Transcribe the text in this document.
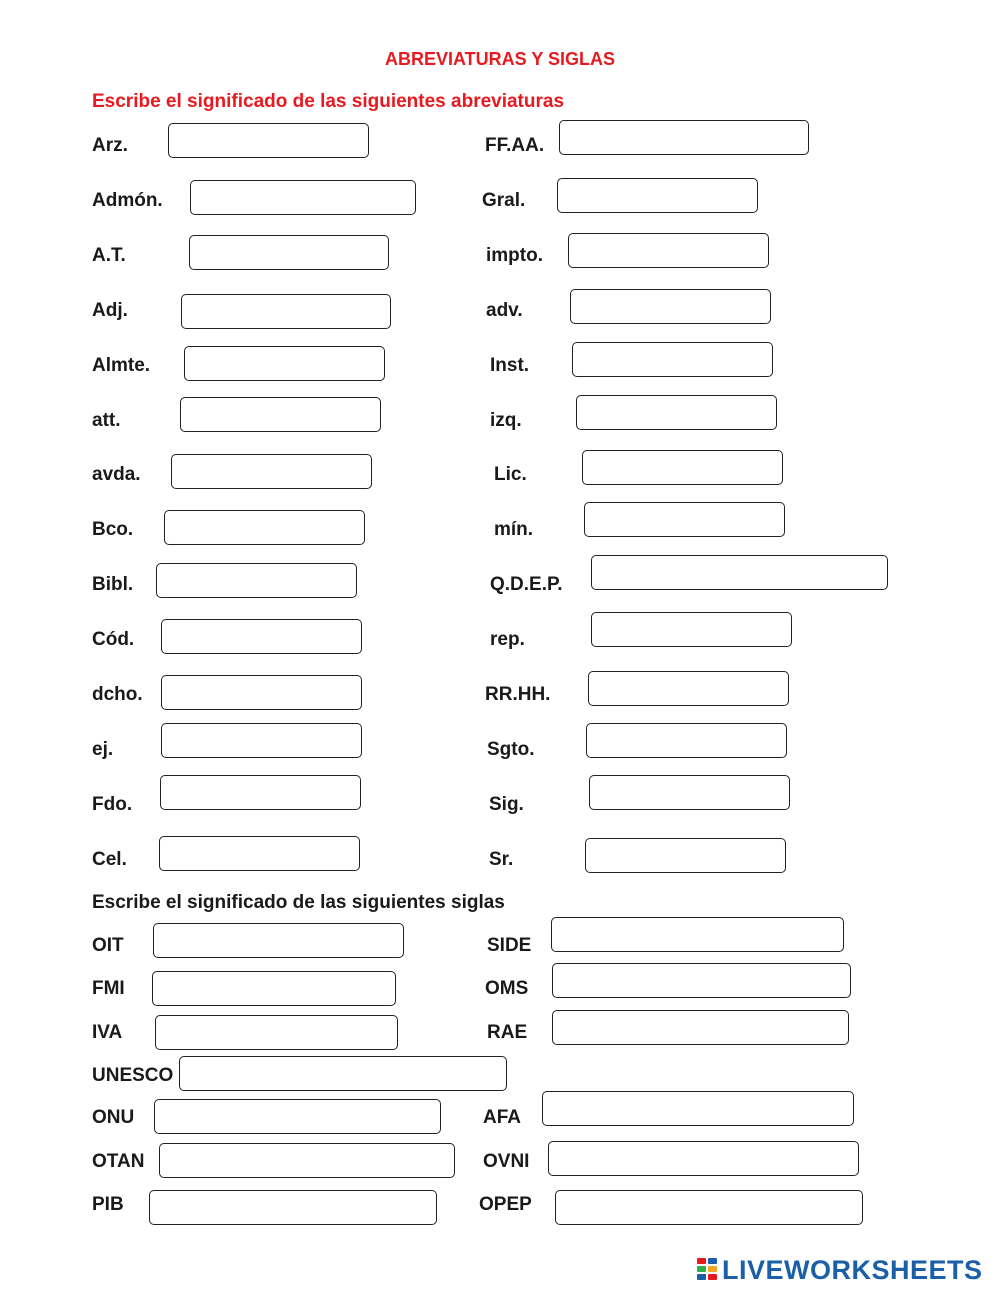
ABREVIATURAS Y SIGLAS
Escribe el significado de las siguientes abreviaturas
Arz.
Admón.
A.T.
Adj.
Almte.
att.
avda.
Bco.
Bibl.
Cód.
dcho.
ej.
Fdo.
Cel.
FF.AA.
Gral.
impto.
adv.
Inst.
izq.
Lic.
mín.
Q.D.E.P.
rep.
RR.HH.
Sgto.
Sig.
Sr.
Escribe el significado de las siguientes siglas
OIT
FMI
IVA
UNESCO
ONU
OTAN
PIB
SIDE
OMS
RAE
AFA
OVNI
OPEP
LIVEWORKSHEETS
